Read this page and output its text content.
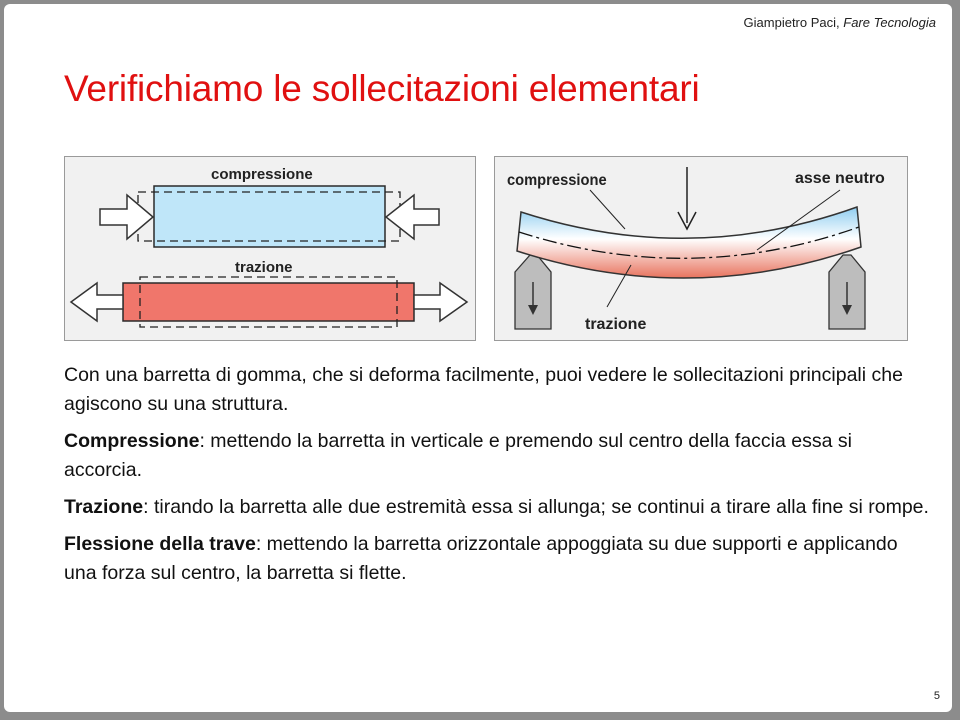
Giampietro Paci, Fare Tecnologia
Verifichiamo le sollecitazioni elementari
compressione
trazione
compressione	asse neutro
trazione

Con una barretta di gomma, che si deforma facilmente, puoi vedere le sollecitazioni principali che agiscono su una struttura.

Compressione: mettendo la barretta in verticale e premendo sul centro della faccia essa si accorcia.

Trazione: tirando la barretta alle due estremità essa si allunga; se continui a tirare alla fine si rompe.

Flessione della trave: mettendo la barretta orizzontale appoggiata su due supporti e applicando una forza sul centro, la barretta si flette.

5
